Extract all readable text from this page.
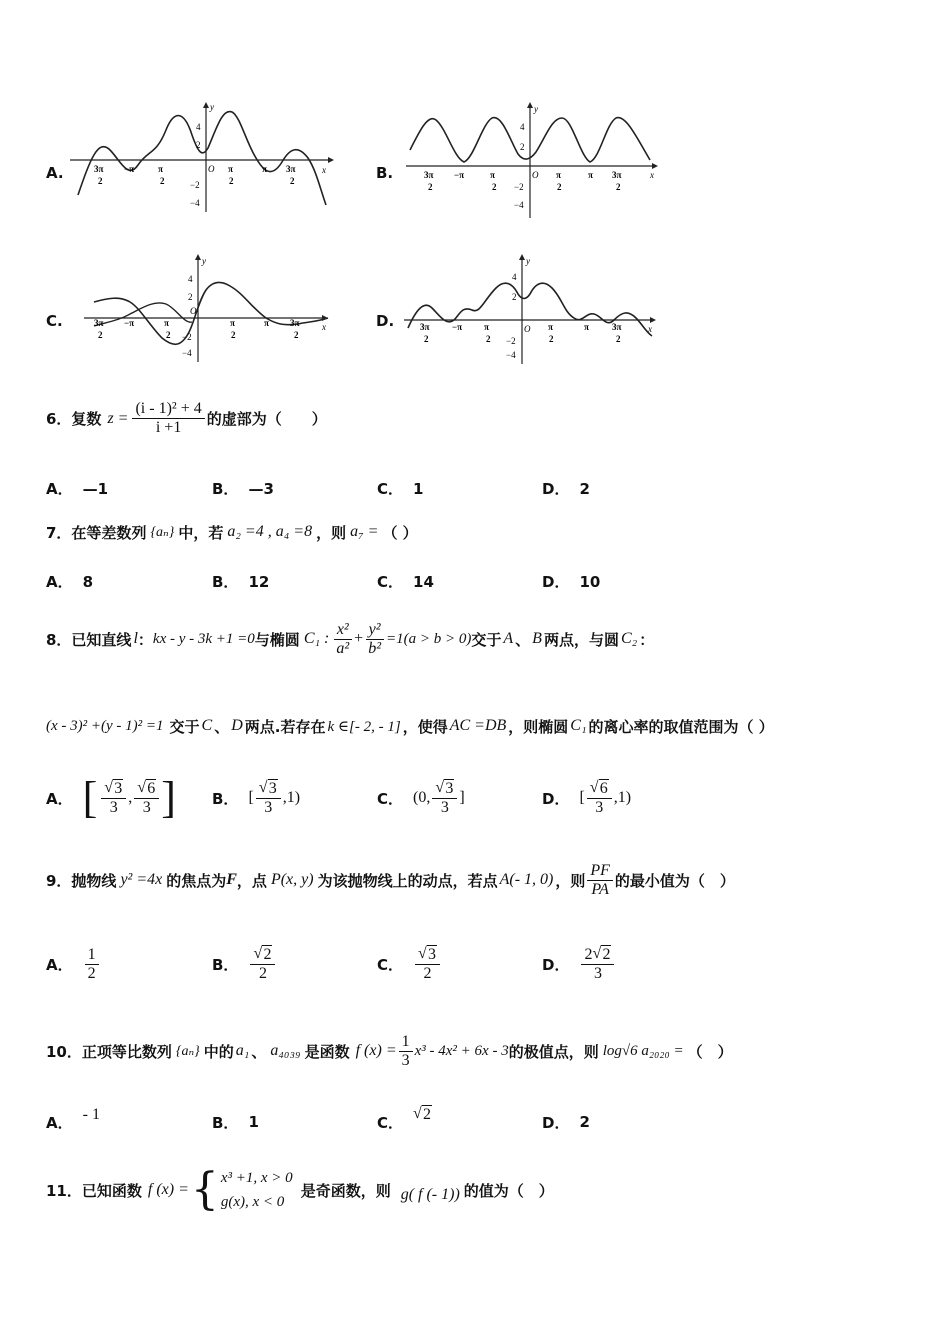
A.
y
x
O
4
2
−2
−4
3π
2
−π	π
2
π
2
π 3π
2	B.
y
x
O
4
2
−2
−4
3π
2
−π	π
2
π
2
π 3π
2
C.
y
x
O
4
2
−2
−4
3π
2
−π	π
2
π
2
π 3π
2
D.
y
x
O
4
2
−2
−4
3π
2
−π π
2
π
2
π	3π
2
6．复数 $z = \frac{\text{(i - 1)² + 4}}{i +1}$ 的虚部为（　　）
A． —1	B． —3	C． 1	D． 2
7．在等差数列 {aₙ} 中，若 a₂ =4 , a₄ =8 ，则 a₇ = （ ）
A． 8	B． 12	C． 14	D． 10
8．已知直线 l ： kx - y - 3k +1 =0 与椭圆 C₁ : $\frac{\text{x²}}{\text{a²}} + \frac{\text{y²}}{\text{b²}} =1(a > b > 0)$ 交于 A 、 B 两点，与圆 C₂ ：
(x - 3)² +(y - 1)² =1 交于 C 、 D 两点.若存在 k ∈[- 2, - 1] ，使得 AC =DB ，则椭圆 C₁ 的离心率的取值范围为（ ）
A． [ √ $\frac{3}{3}$ , √ $\frac{6}{3}$ ] B． [ √ $\frac{3}{3} ,1$)	C． (0, √ $\frac{3}{3}$ ]	D． [ √ $\frac{6}{3} ,1$)
9．抛物线 y² =4x 的焦点为 F ，点 P(x, y) 为该抛物线上的动点，若点 A(- 1, 0) ，则 $\frac{PF}{PA}$ 的最小值为（　）
A． $\frac{1}{2}$	B． √ $\frac{2}{2}$	C． √ $\frac{3}{2}$	D． $\frac{2 √ 2}{3}$
10．正项等比数列 {aₙ} 中的 a₁ 、 a₄₀₃₉ 是函数 f $(x) = \frac{1}{3} x^3 - 4x^2 + 6x - 3$ 的极值点，则 log√6 a₂₀₂₀ = （　）
A． - 1	B． 1	C．	√ 2	D． 2
11．已知函数 f (x) = { x³ +1, x > 0
g(x), x < 0
是奇函数，则 g( f (- 1)) 的值为（　）
